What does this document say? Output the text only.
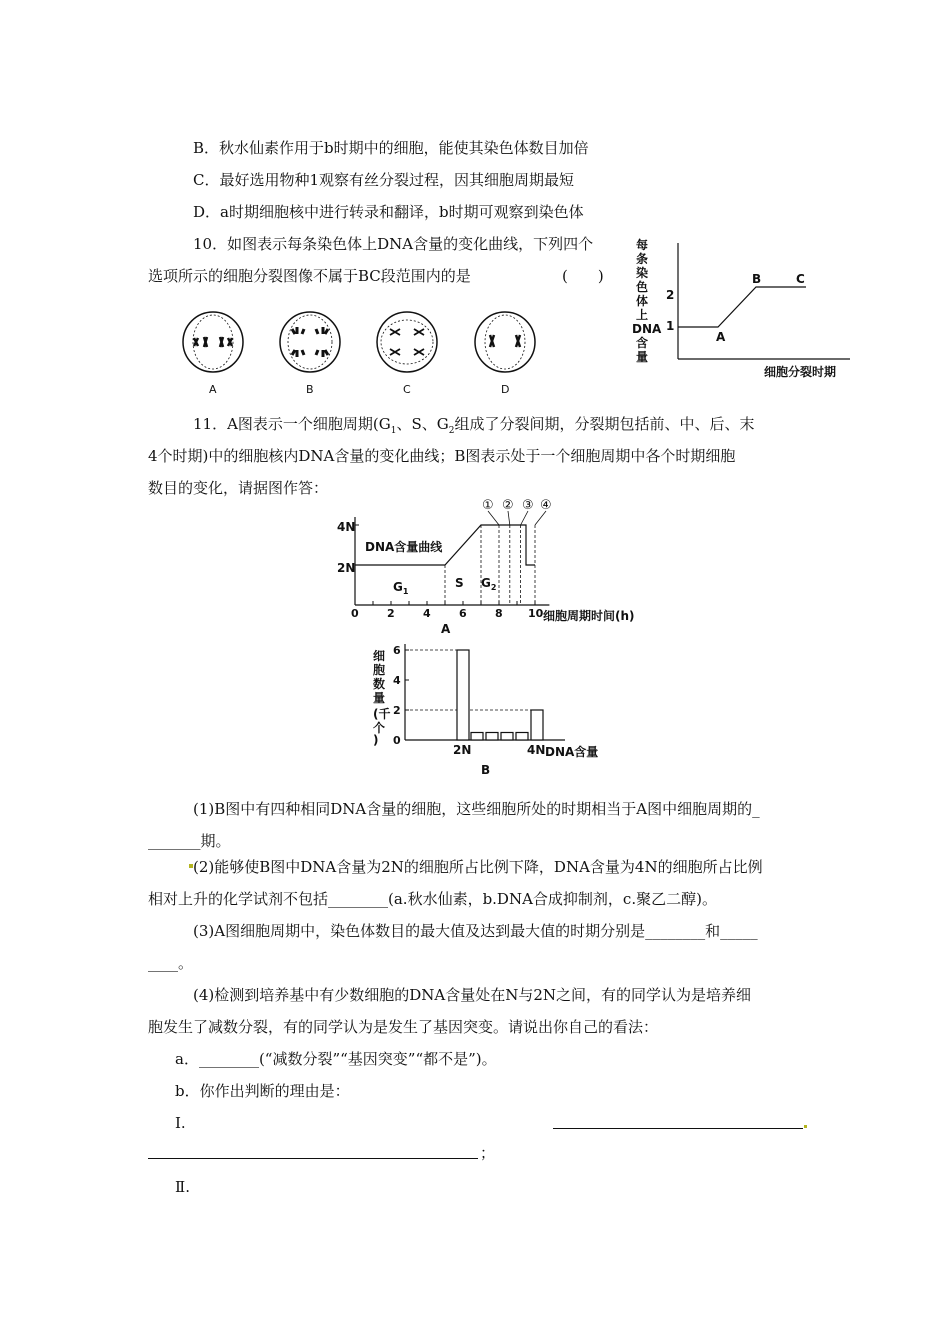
B．秋水仙素作用于b时期中的细胞，能使其染色体数目加倍
C．最好选用物种1观察有丝分裂过程，因其细胞周期最短
D．a时期细胞核中进行转录和翻译，b时期可观察到染色体
10．如图表示每条染色体上DNA含量的变化曲线，下列四个
选项所示的细胞分裂图像不属于BC段范围内的是	(　　)
A	B	C	D
每
条
染
色
体
上
DNA
含
量
1
2
A
B	C
细胞分裂时期
11．A图表示一个细胞周期($G_1$、S、$G_2$组成了分裂间期，分裂期包括前、中、后、末
4个时期)中的细胞核内DNA含量的变化曲线；B图表示处于一个细胞周期中各个时期细胞
数目的变化，请据图作答：
4N
2N
DNA含量曲线
$G_1$
S $G_2$
0	2	4	6	8 10 细胞周期时间(h)
A
① ② ③ ④
0
2
4
6
2N	4N
细
胞
数
量
(千
个
)
DNA含量
B
(1)B图中有四种相同DNA含量的细胞，这些细胞所处的时期相当于A图中细胞周期的_
_______期。
(2)能够使B图中DNA含量为2N的细胞所占比例下降，DNA含量为4N的细胞所占比例
相对上升的化学试剂不包括________(a.秋水仙素，b.DNA合成抑制剂，c.聚乙二醇)。
(3)A图细胞周期中，染色体数目的最大值及达到最大值的时期分别是________和_____
____。
(4)检测到培养基中有少数细胞的DNA含量处在N与2N之间，有的同学认为是培养细
胞发生了减数分裂，有的同学认为是发生了基因突变。请说出你自己的看法：
a．________(“减数分裂”“基因突变”“都不是”)。
b．你作出判断的理由是：
Ⅰ.
；
Ⅱ.
